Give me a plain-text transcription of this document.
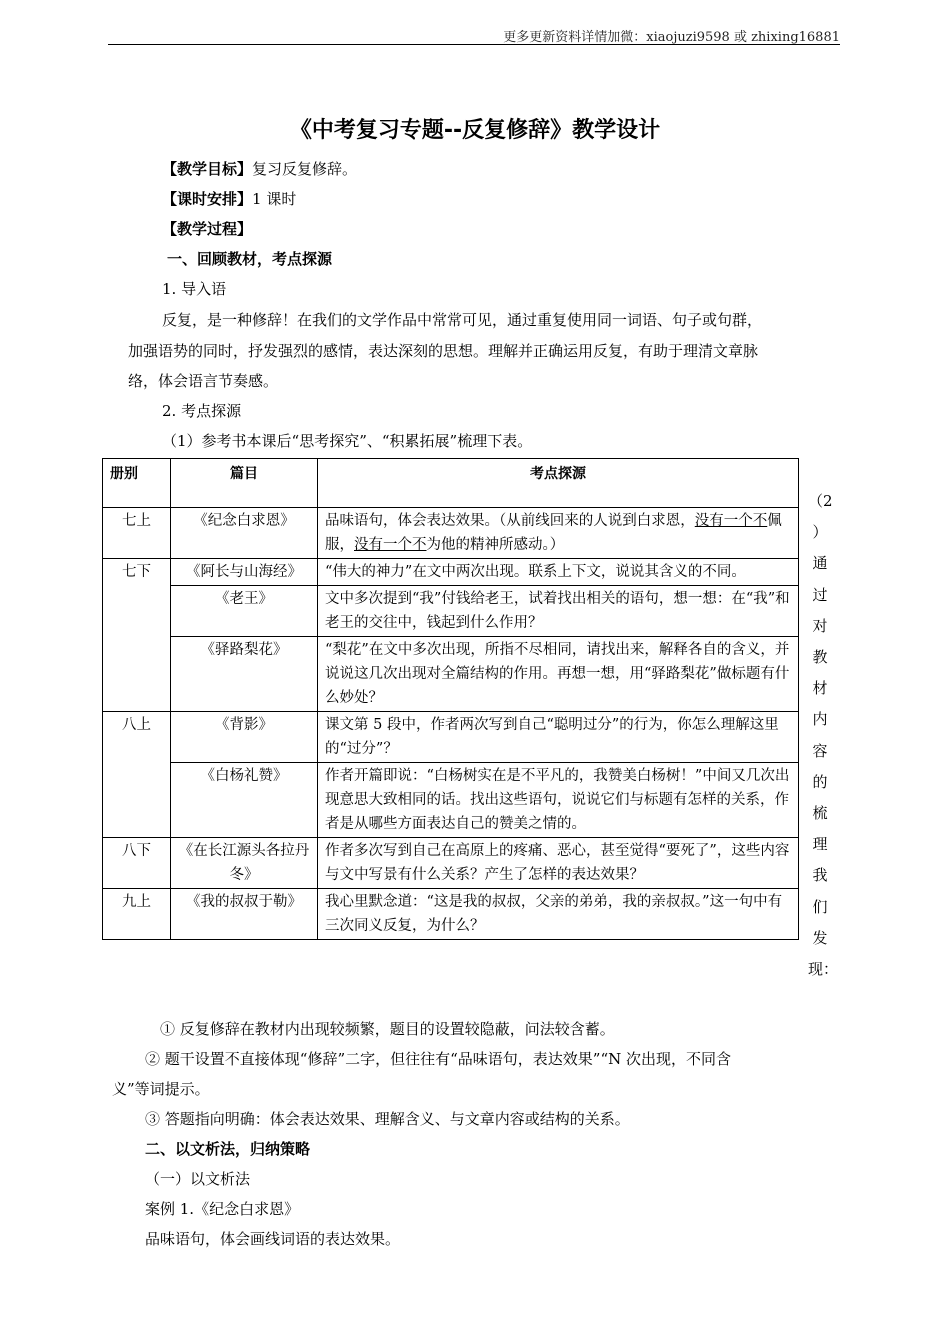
更多更新资料详情加微：xiaojuzi9598 或 zhixing16881
《中考复习专题--反复修辞》教学设计
【教学目标】复习反复修辞。
【课时安排】1 课时
【教学过程】
一、回顾教材，考点探源
1. 导入语
反复，是一种修辞！在我们的文学作品中常常可见，通过重复使用同一词语、句子或句群，
加强语势的同时，抒发强烈的感情，表达深刻的思想。理解并正确运用反复，有助于理清文章脉
络，体会语言节奏感。
2. 考点探源
（1）参考书本课后“思考探究”、“积累拓展”梳理下表。
册别	篇目	考点探源
七上	《纪念白求恩》	品味语句，体会表达效果。（从前线回来的人说到白求恩，没有一个不佩服，没有一个不为他的精神所感动。）
七下	《阿长与山海经》	“伟大的神力”在文中两次出现。联系上下文，说说其含义的不同。
	《老王》	文中多次提到“我”付钱给老王，试着找出相关的语句，想一想：在“我”和老王的交往中，钱起到什么作用？
	《驿路梨花》	“梨花”在文中多次出现，所指不尽相同，请找出来，解释各自的含义，并说说这几次出现对全篇结构的作用。再想一想，用“驿路梨花”做标题有什么妙处？
八上	《背影》	课文第 5 段中，作者两次写到自己“聪明过分”的行为，你怎么理解这里的“过分”？
	《白杨礼赞》	作者开篇即说：“白杨树实在是不平凡的，我赞美白杨树！”中间又几次出现意思大致相同的话。找出这些语句，说说它们与标题有怎样的关系，作者是从哪些方面表达自己的赞美之情的。
八下	《在长江源头各拉丹冬》	作者多次写到自己在高原上的疼痛、恶心，甚至觉得“要死了”，这些内容与文中写景有什么关系？产生了怎样的表达效果？
九上	《我的叔叔于勒》	我心里默念道：“这是我的叔叔，父亲的弟弟，我的亲叔叔。”这一句中有三次同义反复，为什么？
（2
）
通
过
对
教
材
内
容
的
梳
理
我
们
发
现：
① 反复修辞在教材内出现较频繁，题目的设置较隐蔽，问法较含蓄。
② 题干设置不直接体现“修辞”二字，但往往有“品味语句，表达效果”“N 次出现，不同含
义”等词提示。
③ 答题指向明确：体会表达效果、理解含义、与文章内容或结构的关系。
二、以文析法，归纳策略
（一）以文析法
案例 1.《纪念白求恩》
品味语句，体会画线词语的表达效果。
